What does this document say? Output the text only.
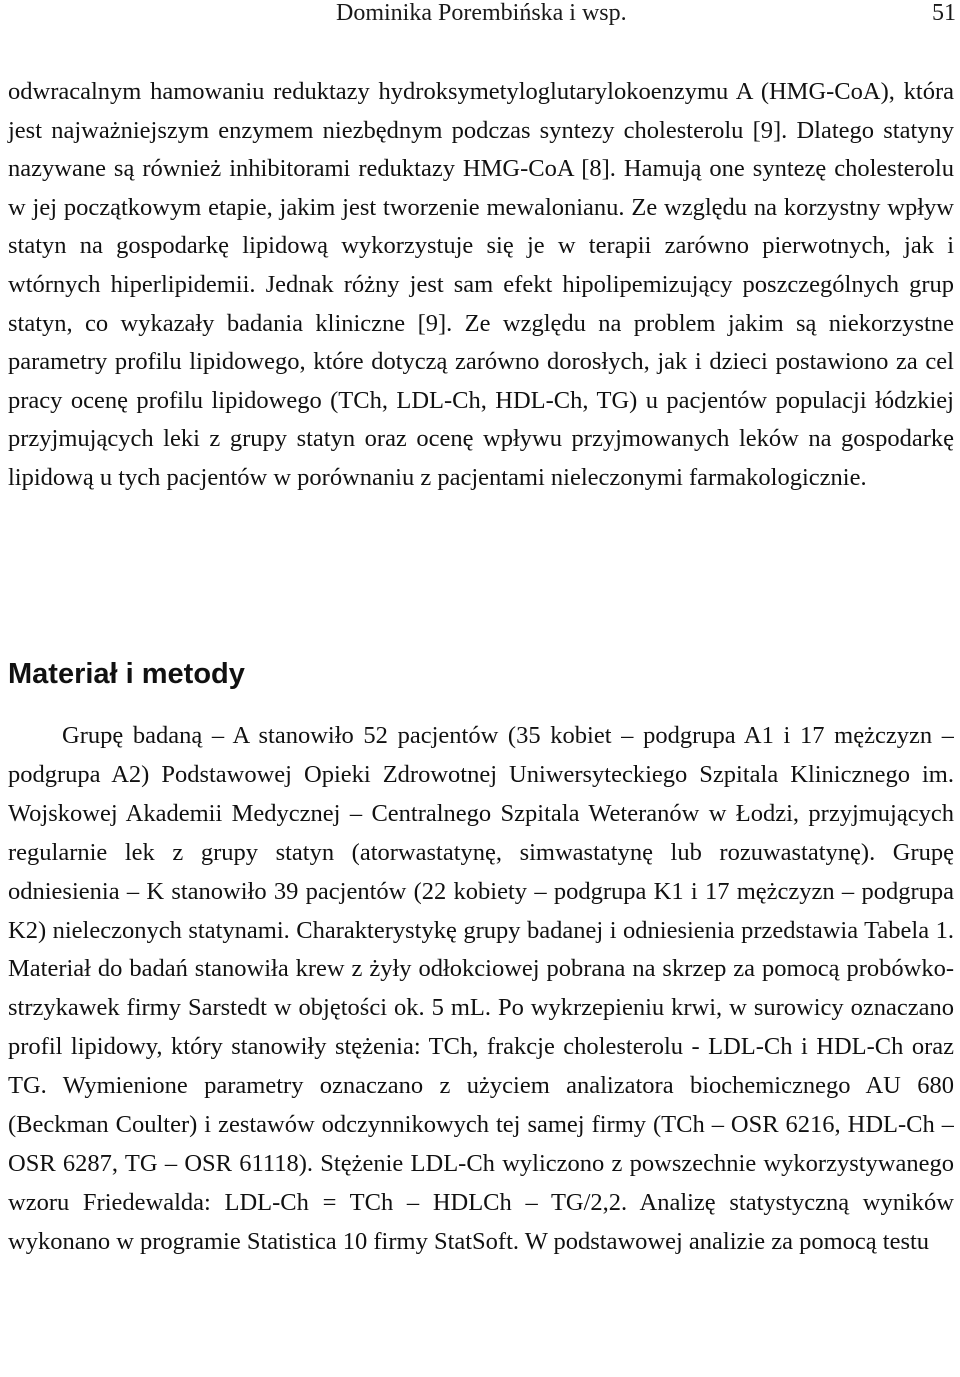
Dominika Porembińska i wsp.	51

odwracalnym hamowaniu reduktazy hydroksymetyloglutarylokoenzymu A (HMG-CoA), która jest najważniejszym enzymem niezbędnym podczas syntezy cholesterolu [9]. Dlatego statyny nazywane są również inhibitorami reduktazy HMG-CoA [8]. Hamują one syntezę cholesterolu w jej początkowym etapie, jakim jest tworzenie mewalonianu. Ze względu na korzystny wpływ statyn na gospodarkę lipidową wykorzystuje się je w terapii zarówno pierwotnych, jak i wtórnych hiperlipidemii. Jednak różny jest sam efekt hipolipemizujący poszczególnych grup statyn, co wykazały badania kliniczne [9]. Ze względu na problem jakim są niekorzystne parametry profilu lipidowego, które dotyczą zarówno dorosłych, jak i dzieci postawiono za cel pracy ocenę profilu lipidowego (TCh, LDL-Ch, HDL-Ch, TG) u pacjentów populacji łódzkiej przyjmujących leki z grupy statyn oraz ocenę wpływu przyjmowanych leków na gospodarkę lipidową u tych pacjentów w porównaniu z pacjentami nieleczonymi farmakologicznie.

Materiał i metody

Grupę badaną – A stanowiło 52 pacjentów (35 kobiet – podgrupa A1 i 17 mężczyzn – podgrupa A2) Podstawowej Opieki Zdrowotnej Uniwersyteckiego Szpitala Klinicznego im. Wojskowej Akademii Medycznej – Centralnego Szpitala Weteranów w Łodzi, przyjmujących regularnie lek z grupy statyn (atorwastatynę, simwastatynę lub rozuwastatynę). Grupę odniesienia – K stanowiło 39 pacjentów (22 kobiety – podgrupa K1 i 17 mężczyzn – podgrupa K2) nieleczonych statynami. Charakterystykę grupy badanej i odniesienia przedstawia Tabela 1. Materiał do badań stanowiła krew z żyły odłokciowej pobrana na skrzep za pomocą probówko-strzykawek firmy Sarstedt w objętości ok. 5 mL. Po wykrzepieniu krwi, w surowicy oznaczano profil lipidowy, który stanowiły stężenia: TCh, frakcje cholesterolu - LDL-Ch i HDL-Ch oraz TG. Wymienione parametry oznaczano z użyciem analizatora biochemicznego AU 680 (Beckman Coulter) i zestawów odczynnikowych tej samej firmy (TCh – OSR 6216, HDL-Ch – OSR 6287, TG – OSR 61118). Stężenie LDL-Ch wyliczono z powszechnie wykorzystywanego wzoru Friedewalda: LDL-Ch = TCh – HDLCh – TG/2,2. Analizę statystyczną wyników wykonano w programie Statistica 10 firmy StatSoft. W podstawowej analizie za pomocą testu
